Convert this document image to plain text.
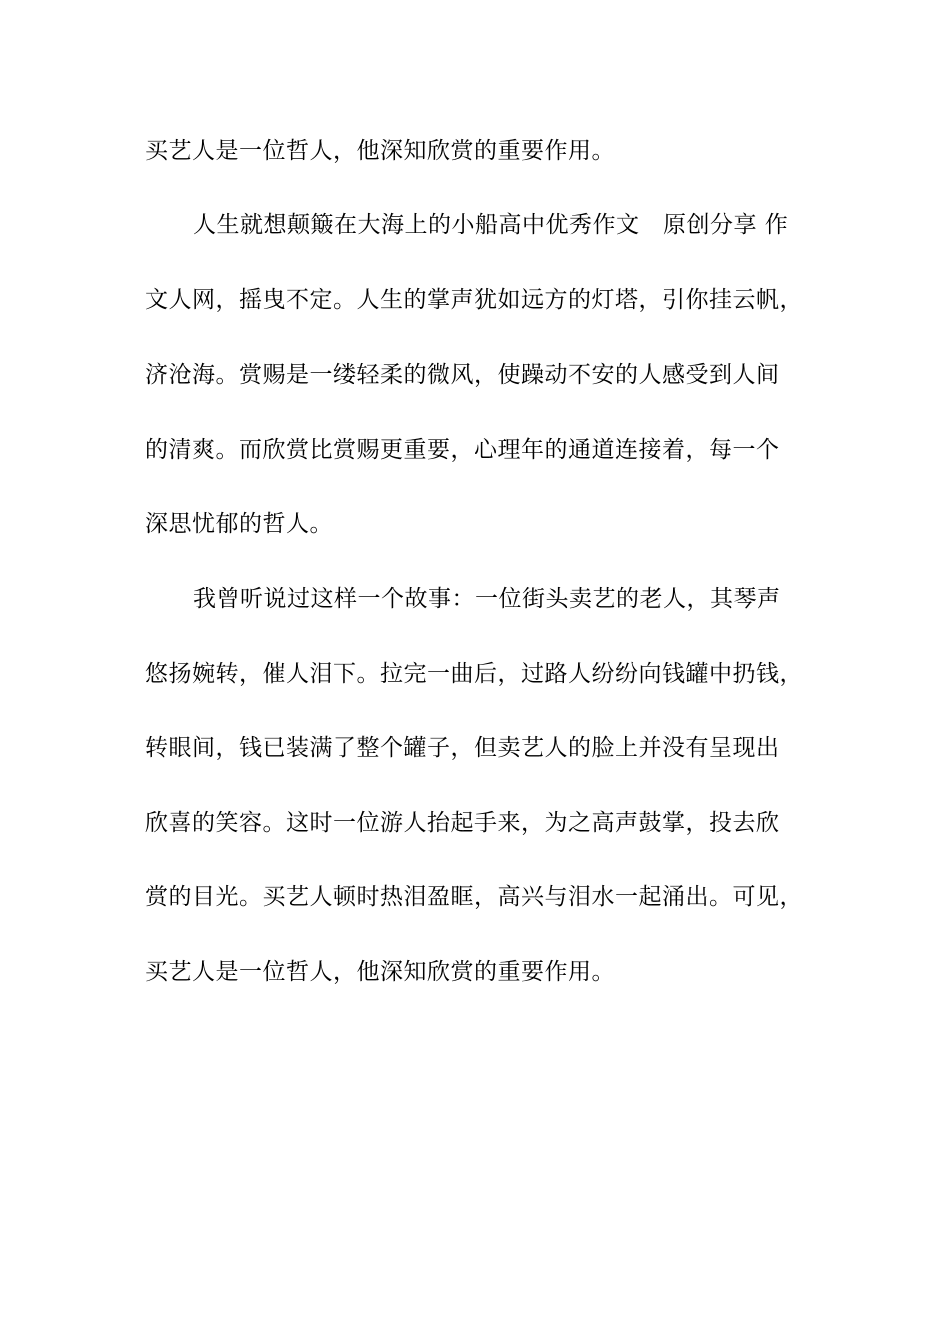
买艺人是一位哲人，他深知欣赏的重要作用。
人生就想颠簸在大海上的小船高中优秀作文　原创分享 作
文人网，摇曳不定。人生的掌声犹如远方的灯塔，引你挂云帆，
济沧海。赏赐是一缕轻柔的微风，使躁动不安的人感受到人间
的清爽。而欣赏比赏赐更重要，心理年的通道连接着，每一个
深思忧郁的哲人。
我曾听说过这样一个故事：一位街头卖艺的老人，其琴声
悠扬婉转，催人泪下。拉完一曲后，过路人纷纷向钱罐中扔钱，
转眼间，钱已装满了整个罐子，但卖艺人的脸上并没有呈现出
欣喜的笑容。这时一位游人抬起手来，为之高声鼓掌，投去欣
赏的目光。买艺人顿时热泪盈眶，高兴与泪水一起涌出。可见，
买艺人是一位哲人，他深知欣赏的重要作用。
